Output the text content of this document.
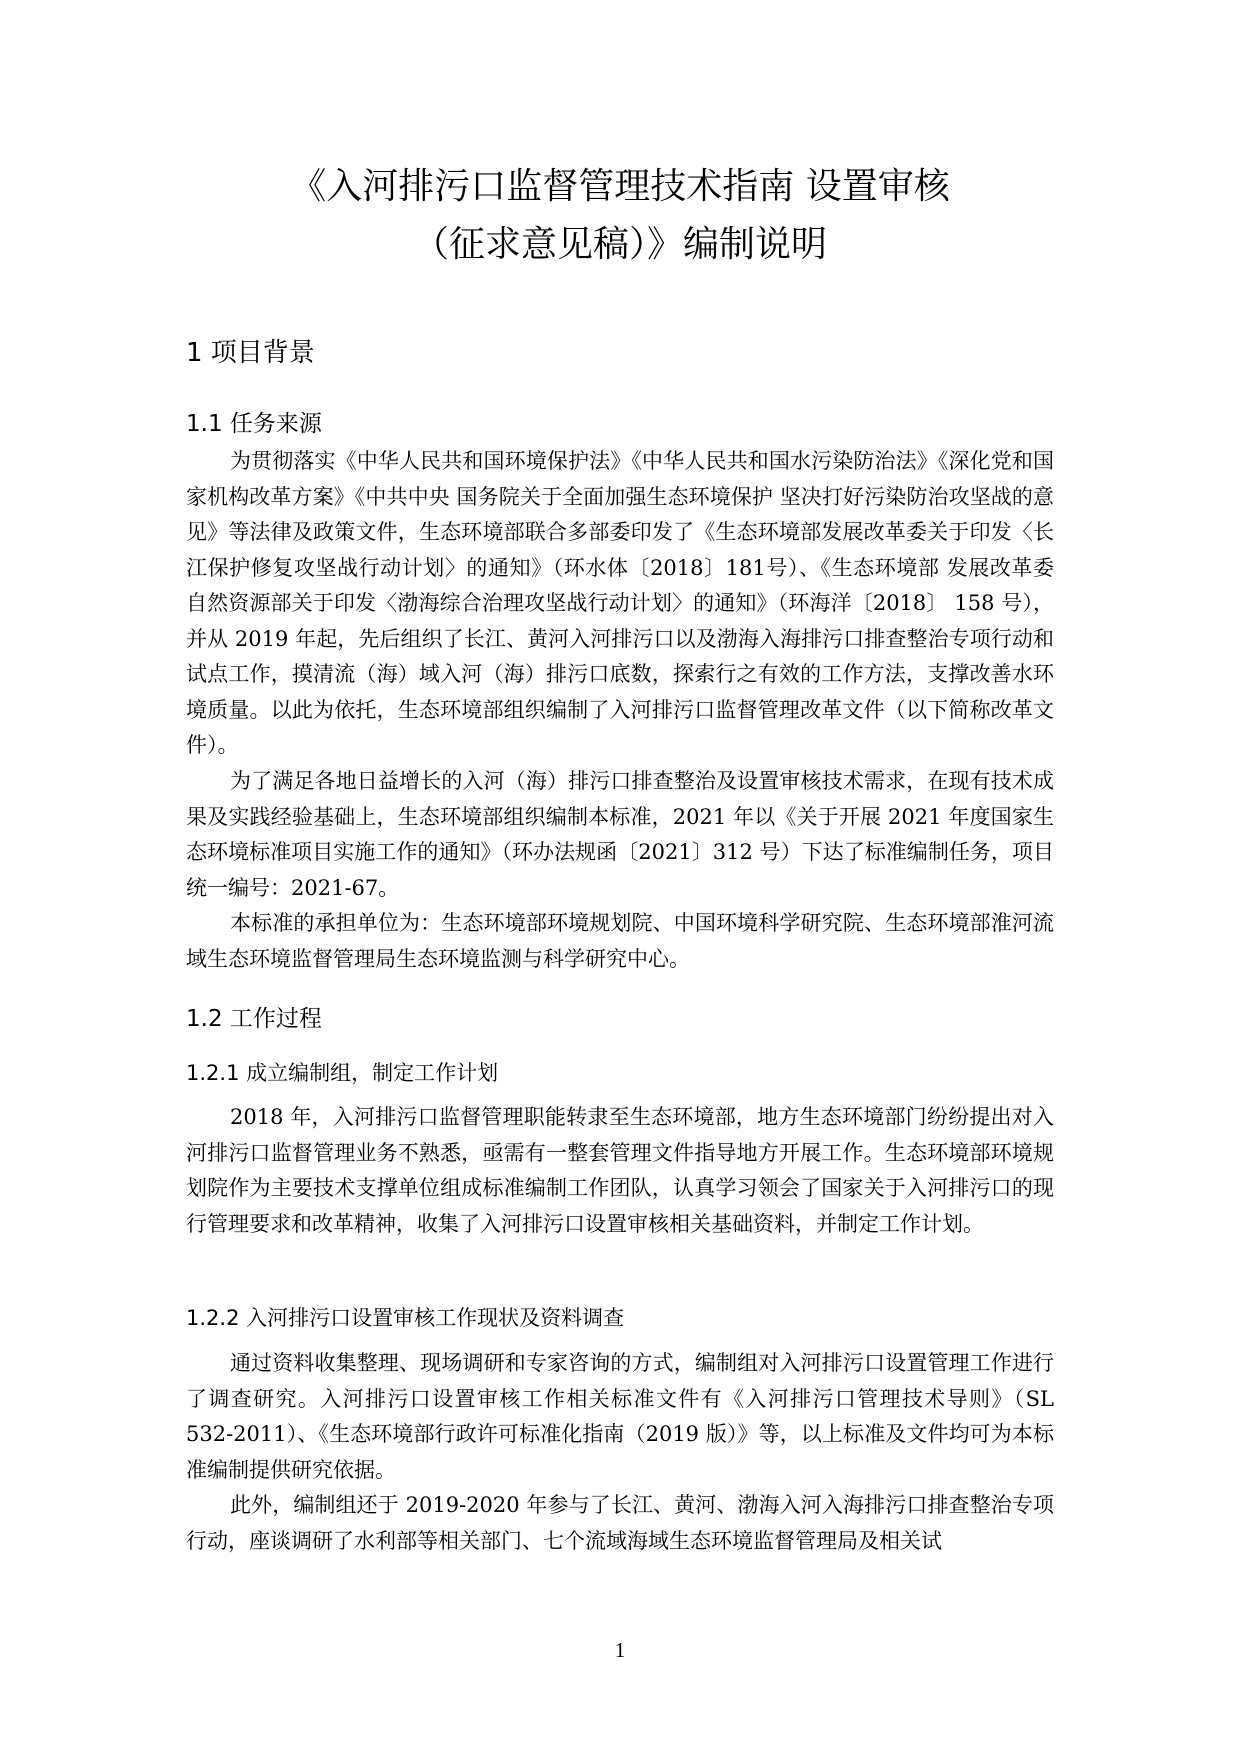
《入河排污口监督管理技术指南 设置审核
（征求意见稿）》编制说明
1 项目背景
1.1 任务来源

为贯彻落实《中华人民共和国环境保护法》《中华人民共和国水污染防治法》《深化党和国家机构改革方案》《中共中央 国务院关于全面加强生态环境保护 坚决打好污染防治攻坚战的意见》等法律及政策文件，生态环境部联合多部委印发了《生态环境部发展改革委关于印发〈长江保护修复攻坚战行动计划〉的通知》（环水体〔2018〕181号）、《生态环境部 发展改革委 自然资源部关于印发〈渤海综合治理攻坚战行动计划〉的通知》（环海洋〔2018〕 158 号），并从 2019 年起，先后组织了长江、黄河入河排污口以及渤海入海排污口排查整治专项行动和试点工作，摸清流（海）域入河（海）排污口底数，探索行之有效的工作方法，支撑改善水环境质量。以此为依托，生态环境部组织编制了入河排污口监督管理改革文件（以下简称改革文件）。

为了满足各地日益增长的入河（海）排污口排查整治及设置审核技术需求，在现有技术成果及实践经验基础上，生态环境部组织编制本标准，2021 年以《关于开展 2021 年度国家生态环境标准项目实施工作的通知》（环办法规函〔2021〕312 号）下达了标准编制任务，项目统一编号：2021-67。

本标准的承担单位为：生态环境部环境规划院、中国环境科学研究院、生态环境部淮河流域生态环境监督管理局生态环境监测与科学研究中心。

1.2 工作过程
1.2.1 成立编制组，制定工作计划

2018 年，入河排污口监督管理职能转隶至生态环境部，地方生态环境部门纷纷提出对入河排污口监督管理业务不熟悉，亟需有一整套管理文件指导地方开展工作。生态环境部环境规划院作为主要技术支撑单位组成标准编制工作团队，认真学习领会了国家关于入河排污口的现行管理要求和改革精神，收集了入河排污口设置审核相关基础资料，并制定工作计划。

1.2.2 入河排污口设置审核工作现状及资料调查

通过资料收集整理、现场调研和专家咨询的方式，编制组对入河排污口设置管理工作进行了调查研究。入河排污口设置审核工作相关标准文件有《入河排污口管理技术导则》（SL 532-2011）、《生态环境部行政许可标准化指南（2019 版）》等，以上标准及文件均可为本标准编制提供研究依据。

此外，编制组还于 2019-2020 年参与了长江、黄河、渤海入河入海排污口排查整治专项行动，座谈调研了水利部等相关部门、七个流域海域生态环境监督管理局及相关试

1
